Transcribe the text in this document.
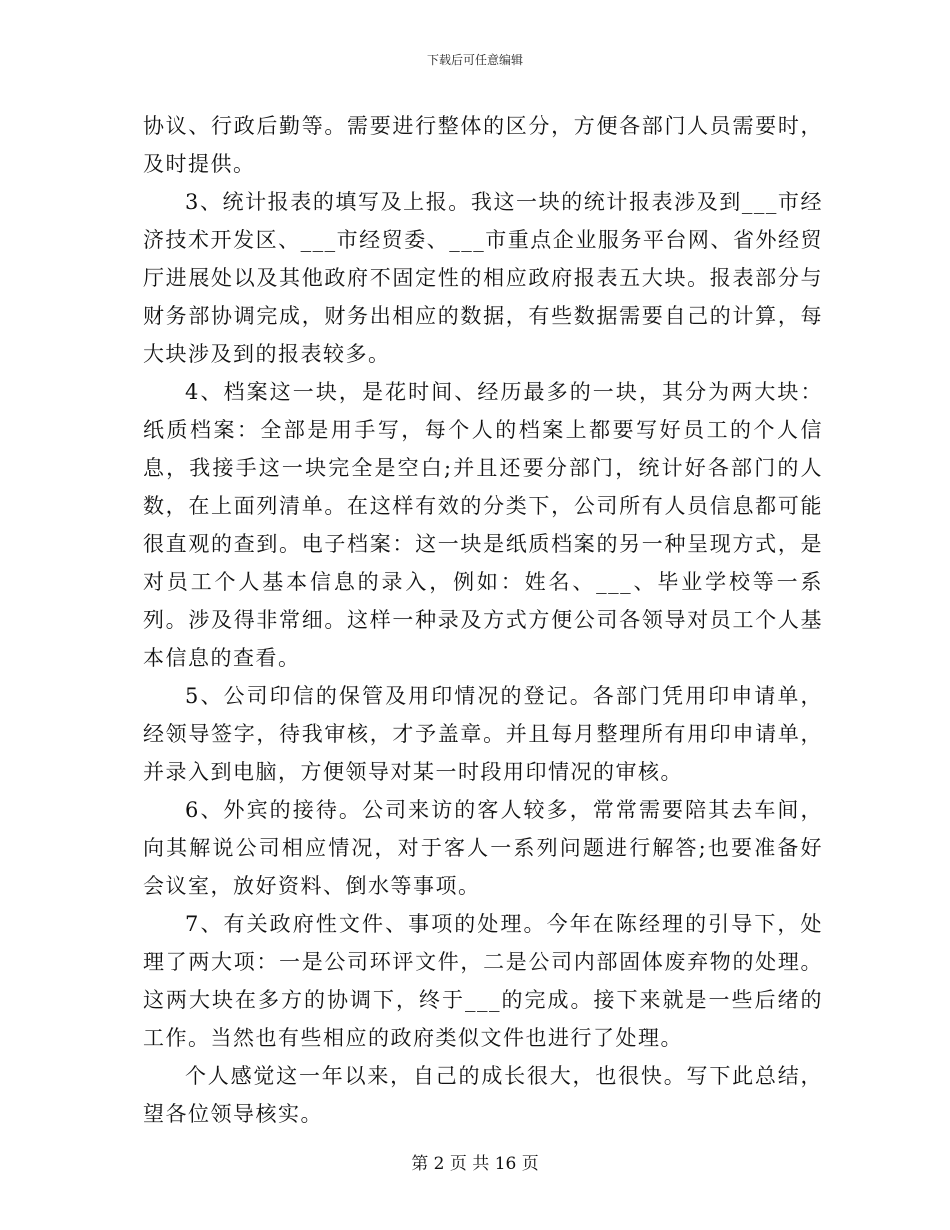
下载后可任意编辑

协议、行政后勤等。需要进行整体的区分，方便各部门人员需要时，及时提供。

3、统计报表的填写及上报。我这一块的统计报表涉及到___市经济技术开发区、___市经贸委、___市重点企业服务平台网、省外经贸厅进展处以及其他政府不固定性的相应政府报表五大块。报表部分与财务部协调完成，财务出相应的数据，有些数据需要自己的计算，每大块涉及到的报表较多。

4、档案这一块，是花时间、经历最多的一块，其分为两大块：纸质档案：全部是用手写，每个人的档案上都要写好员工的个人信息，我接手这一块完全是空白;并且还要分部门，统计好各部门的人数，在上面列清单。在这样有效的分类下，公司所有人员信息都可能很直观的查到。电子档案：这一块是纸质档案的另一种呈现方式，是对员工个人基本信息的录入，例如：姓名、___、毕业学校等一系列。涉及得非常细。这样一种录及方式方便公司各领导对员工个人基本信息的查看。

5、公司印信的保管及用印情况的登记。各部门凭用印申请单，经领导签字，待我审核，才予盖章。并且每月整理所有用印申请单，并录入到电脑，方便领导对某一时段用印情况的审核。

6、外宾的接待。公司来访的客人较多，常常需要陪其去车间，向其解说公司相应情况，对于客人一系列问题进行解答;也要准备好会议室，放好资料、倒水等事项。

7、有关政府性文件、事项的处理。今年在陈经理的引导下，处理了两大项：一是公司环评文件，二是公司内部固体废弃物的处理。这两大块在多方的协调下，终于___的完成。接下来就是一些后绪的工作。当然也有些相应的政府类似文件也进行了处理。

个人感觉这一年以来，自己的成长很大，也很快。写下此总结，望各位领导核实。

第 2 页 共 16 页
